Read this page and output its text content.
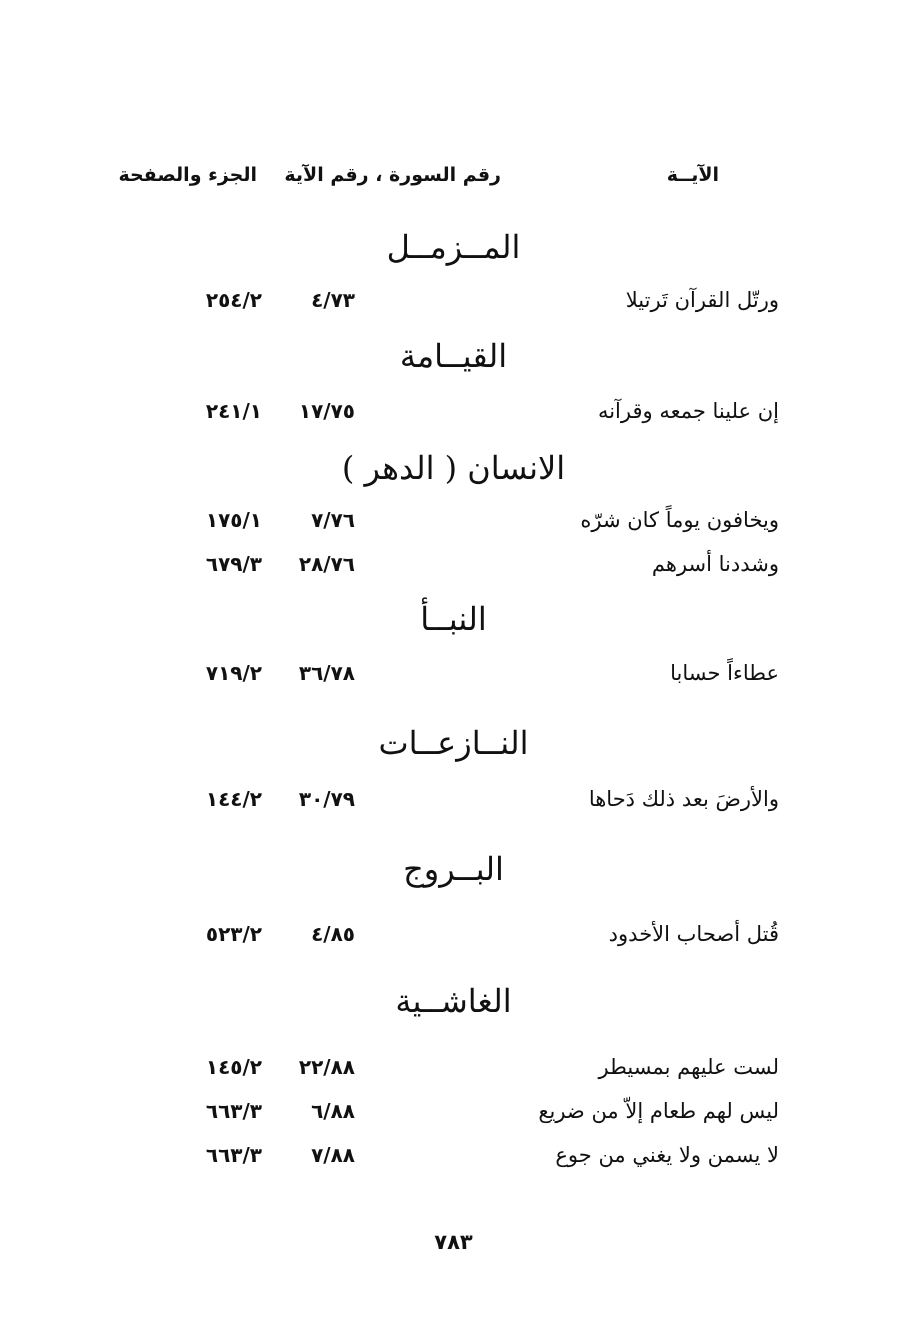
الآيــة
رقم السورة ، رقم الآية
الجزء والصفحة
المــزمــل
ورتّل القرآن تَرتيلا
٤/٧٣
٢٥٤/٢
القيــامة
إن علينا جمعه وقرآنه
١٧/٧٥
٢٤١/١
الانسان ( الدهر )
ويخافون يوماً كان شرّه
٧/٧٦
١٧٥/١
وشددنا أسرهم
٢٨/٧٦
٦٧٩/٣
النبــأ
عطاءاً حسابا
٣٦/٧٨
٧١٩/٢
النــازعــات
والأرضَ بعد ذلك دَحاها
٣٠/٧٩
١٤٤/٢
البــروج
قُتل أصحاب الأخدود
٤/٨٥
٥٢٣/٢
الغاشــية
لست عليهم بمسيطر
٢٢/٨٨
١٤٥/٢
ليس لهم طعام إلاّ من ضريع
٦/٨٨
٦٦٣/٣
لا يسمن ولا يغني من جوع
٧/٨٨
٦٦٣/٣
٧٨٣
